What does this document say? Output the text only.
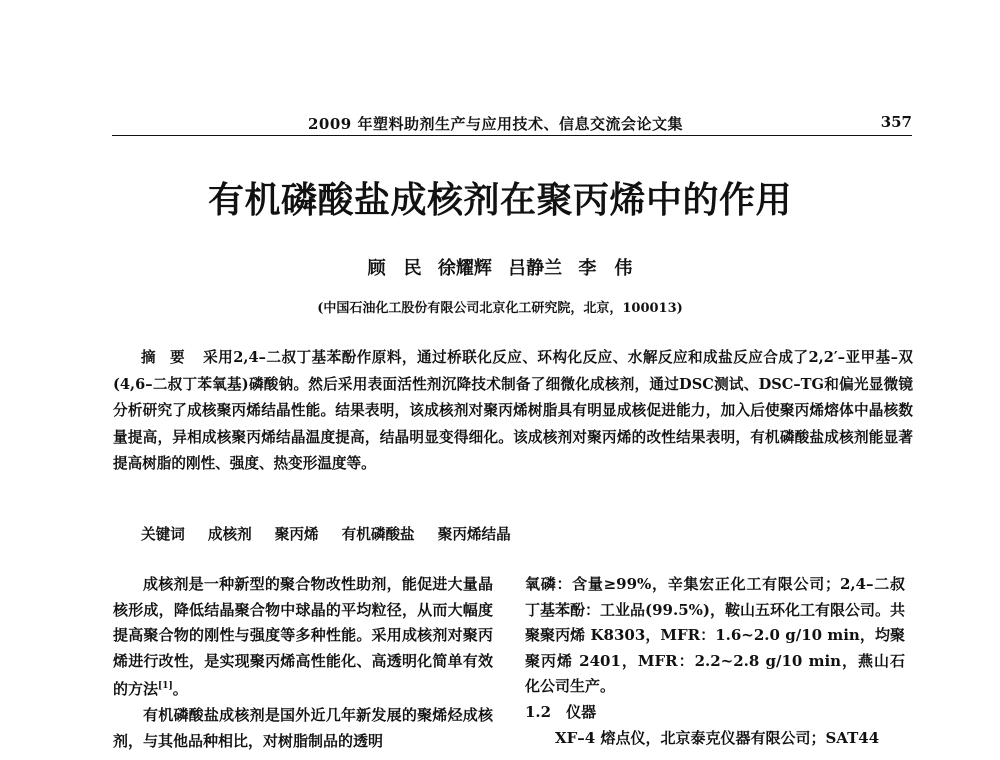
2009 年塑料助剂生产与应用技术、信息交流会论文集	357
有机磷酸盐成核剂在聚丙烯中的作用
顾　民 徐耀辉 吕静兰 李　伟
(中国石油化工股份有限公司北京化工研究院，北京，100013)
摘要 采用2,4–二叔丁基苯酚作原料，通过桥联化反应、环构化反应、水解反应和成盐反应合成了2,2′–亚甲基–双(4,6–二叔丁苯氧基)磷酸钠。然后采用表面活性剂沉降技术制备了细微化成核剂，通过DSC测试、DSC–TG和偏光显微镜分析研究了成核聚丙烯结晶性能。结果表明，该成核剂对聚丙烯树脂具有明显成核促进能力，加入后使聚丙烯熔体中晶核数量提高，异相成核聚丙烯结晶温度提高，结晶明显变得细化。该成核剂对聚丙烯的改性结果表明，有机磷酸盐成核剂能显著提高树脂的刚性、强度、热变形温度等。
关键词 成核剂 聚丙烯 有机磷酸盐 聚丙烯结晶

成核剂是一种新型的聚合物改性助剂，能促进大量晶核形成，降低结晶聚合物中球晶的平均粒径，从而大幅度提高聚合物的刚性与强度等多种性能。采用成核剂对聚丙烯进行改性，是实现聚丙烯高性能化、高透明化简单有效的方法[1]。

有机磷酸盐成核剂是国外近几年新发展的聚烯烃成核剂，与其他品种相比，对树脂制品的透明

氧磷：含量≥99%，辛集宏正化工有限公司；2,4–二叔丁基苯酚：工业品(99.5%)，鞍山五环化工有限公司。共聚聚丙烯 K8303，MFR：1.6~2.0 g/10 min，均聚聚丙烯 2401，MFR：2.2~2.8 g/10 min，燕山石化公司生产。

1.2　仪器

XF–4 熔点仪，北京泰克仪器有限公司；SAT44
